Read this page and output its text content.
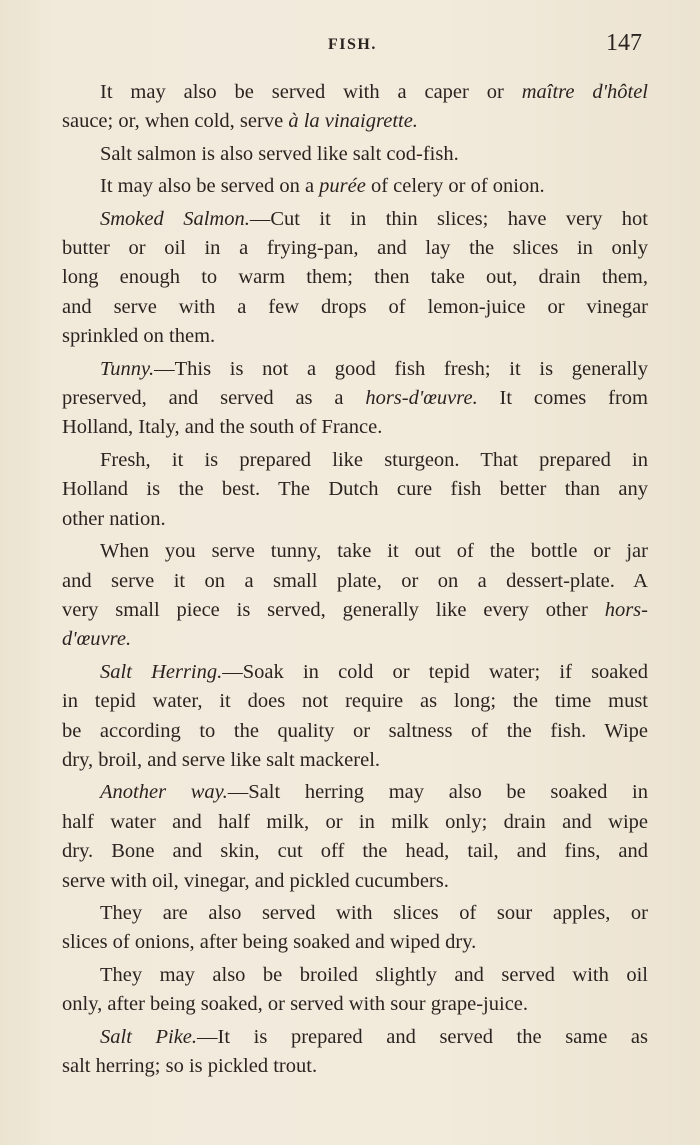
FISH.	147
It may also be served with a caper or maître d'hôtel
sauce; or, when cold, serve à la vinaigrette.
Salt salmon is also served like salt cod-fish.
It may also be served on a purée of celery or of onion.
Smoked Salmon.—Cut it in thin slices; have very hot
butter or oil in a frying-pan, and lay the slices in only
long enough to warm them; then take out, drain them,
and serve with a few drops of lemon-juice or vinegar
sprinkled on them.
Tunny.—This is not a good fish fresh; it is generally
preserved, and served as a hors-d'œuvre. It comes from
Holland, Italy, and the south of France.
Fresh, it is prepared like sturgeon. That prepared in
Holland is the best. The Dutch cure fish better than any
other nation.
When you serve tunny, take it out of the bottle or jar
and serve it on a small plate, or on a dessert-plate. A
very small piece is served, generally like every other hors-
d'œuvre.
Salt Herring.—Soak in cold or tepid water; if soaked
in tepid water, it does not require as long; the time must
be according to the quality or saltness of the fish. Wipe
dry, broil, and serve like salt mackerel.
Another way.—Salt herring may also be soaked in
half water and half milk, or in milk only; drain and wipe
dry. Bone and skin, cut off the head, tail, and fins, and
serve with oil, vinegar, and pickled cucumbers.
They are also served with slices of sour apples, or
slices of onions, after being soaked and wiped dry.
They may also be broiled slightly and served with oil
only, after being soaked, or served with sour grape-juice.
Salt Pike.—It is prepared and served the same as
salt herring; so is pickled trout.
